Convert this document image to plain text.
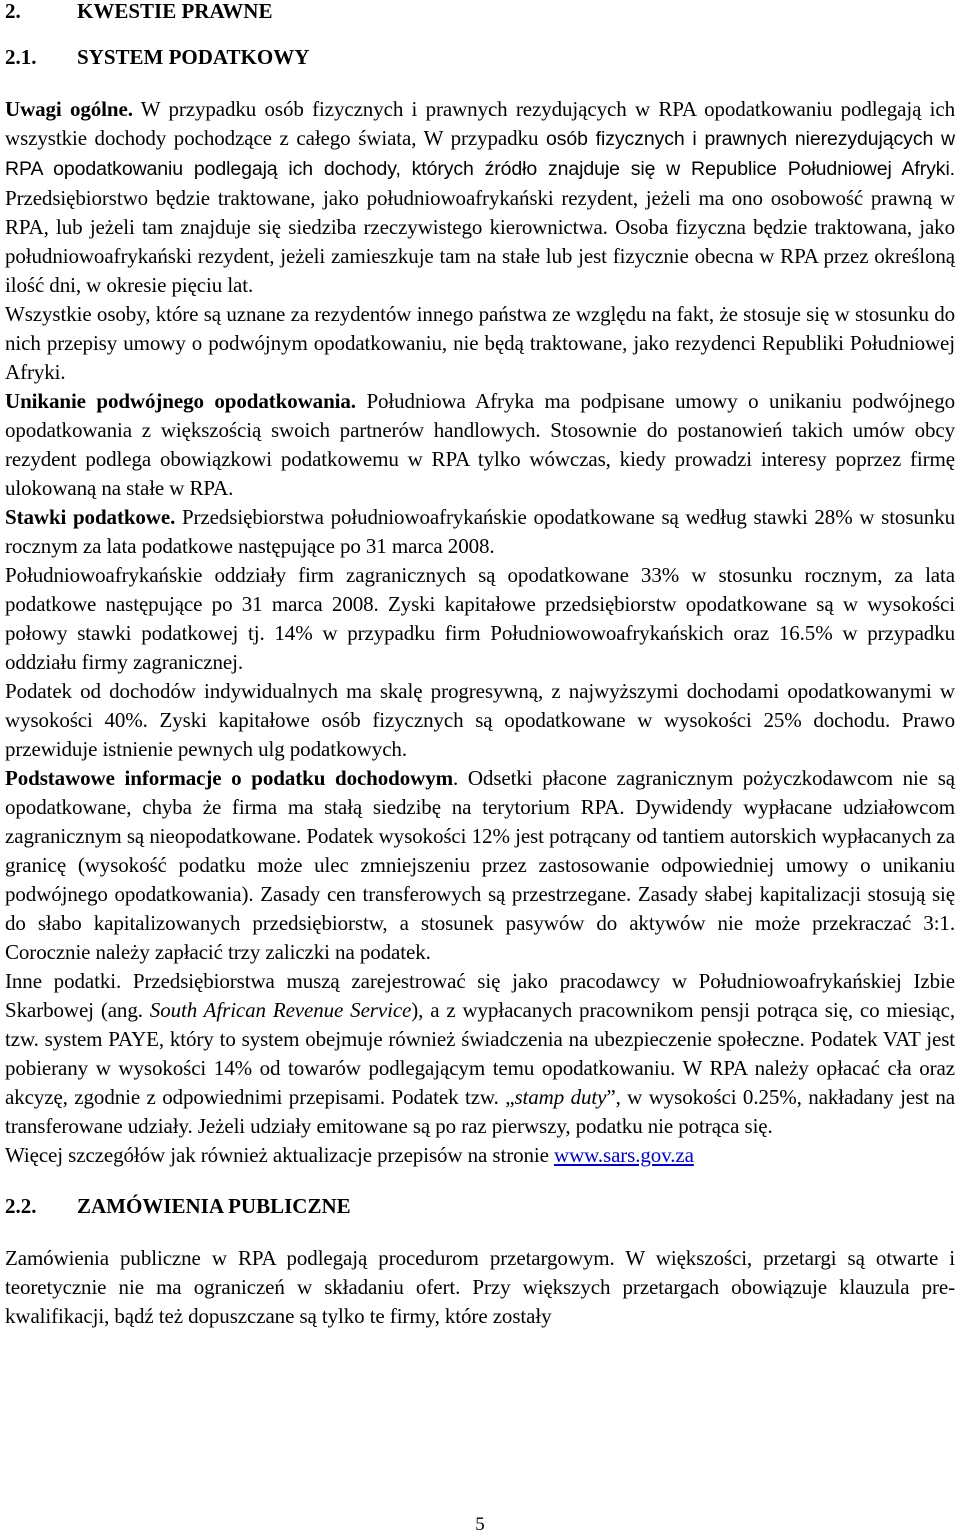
2.	KWESTIE PRAWNE

2.1. SYSTEM PODATKOWY

Uwagi ogólne. W przypadku osób fizycznych i prawnych rezydujących w RPA opodatkowaniu podlegają ich wszystkie dochody pochodzące z całego świata, W przypadku osób fizycznych i prawnych nierezydujących w RPA opodatkowaniu podlegają ich dochody, których źródło znajduje się w Republice Południowej Afryki. Przedsiębiorstwo będzie traktowane, jako południowoafrykański rezydent, jeżeli ma ono osobowość prawną w RPA, lub jeżeli tam znajduje się siedziba rzeczywistego kierownictwa. Osoba fizyczna będzie traktowana, jako południowoafrykański rezydent, jeżeli zamieszkuje tam na stałe lub jest fizycznie obecna w RPA przez określoną ilość dni, w okresie pięciu lat.

Wszystkie osoby, które są uznane za rezydentów innego państwa ze względu na fakt, że stosuje się w stosunku do nich przepisy umowy o podwójnym opodatkowaniu, nie będą traktowane, jako rezydenci Republiki Południowej Afryki.

Unikanie podwójnego opodatkowania. Południowa Afryka ma podpisane umowy o unikaniu podwójnego opodatkowania z większością swoich partnerów handlowych. Stosownie do postanowień takich umów obcy rezydent podlega obowiązkowi podatkowemu w RPA tylko wówczas, kiedy prowadzi interesy poprzez firmę ulokowaną na stałe w RPA.

Stawki podatkowe. Przedsiębiorstwa południowoafrykańskie opodatkowane są według stawki 28% w stosunku rocznym za lata podatkowe następujące po 31 marca 2008.

Południowoafrykańskie oddziały firm zagranicznych są opodatkowane 33% w stosunku rocznym, za lata podatkowe następujące po 31 marca 2008. Zyski kapitałowe przedsiębiorstw opodatkowane są w wysokości połowy stawki podatkowej tj. 14% w przypadku firm Południowowoafrykańskich oraz 16.5% w przypadku oddziału firmy zagranicznej.

Podatek od dochodów indywidualnych ma skalę progresywną, z najwyższymi dochodami opodatkowanymi w wysokości 40%. Zyski kapitałowe osób fizycznych są opodatkowane w wysokości 25% dochodu. Prawo przewiduje istnienie pewnych ulg podatkowych.

Podstawowe informacje o podatku dochodowym. Odsetki płacone zagranicznym pożyczkodawcom nie są opodatkowane, chyba że firma ma stałą siedzibę na terytorium RPA. Dywidendy wypłacane udziałowcom zagranicznym są nieopodatkowane. Podatek wysokości 12% jest potrącany od tantiem autorskich wypłacanych za granicę (wysokość podatku może ulec zmniejszeniu przez zastosowanie odpowiedniej umowy o unikaniu podwójnego opodatkowania). Zasady cen transferowych są przestrzegane. Zasady słabej kapitalizacji stosują się do słabo kapitalizowanych przedsiębiorstw, a stosunek pasywów do aktywów nie może przekraczać 3:1. Corocznie należy zapłacić trzy zaliczki na podatek.

Inne podatki. Przedsiębiorstwa muszą zarejestrować się jako pracodawcy w Południowoafrykańskiej Izbie Skarbowej (ang. South African Revenue Service), a z wypłacanych pracownikom pensji potrąca się, co miesiąc, tzw. system PAYE, który to system obejmuje również świadczenia na ubezpieczenie społeczne. Podatek VAT jest pobierany w wysokości 14% od towarów podlegającym temu opodatkowaniu. W RPA należy opłacać cła oraz akcyzę, zgodnie z odpowiednimi przepisami. Podatek tzw. „stamp duty”, w wysokości 0.25%, nakładany jest na transferowane udziały. Jeżeli udziały emitowane są po raz pierwszy, podatku nie potrąca się.

Więcej szczegółów jak również aktualizacje przepisów na stronie www.sars.gov.za

2.2. ZAMÓWIENIA PUBLICZNE

Zamówienia publiczne w RPA podlegają procedurom przetargowym. W większości, przetargi są otwarte i teoretycznie nie ma ograniczeń w składaniu ofert. Przy większych przetargach obowiązuje klauzula pre-kwalifikacji, bądź też dopuszczane są tylko te firmy, które zostały

5
